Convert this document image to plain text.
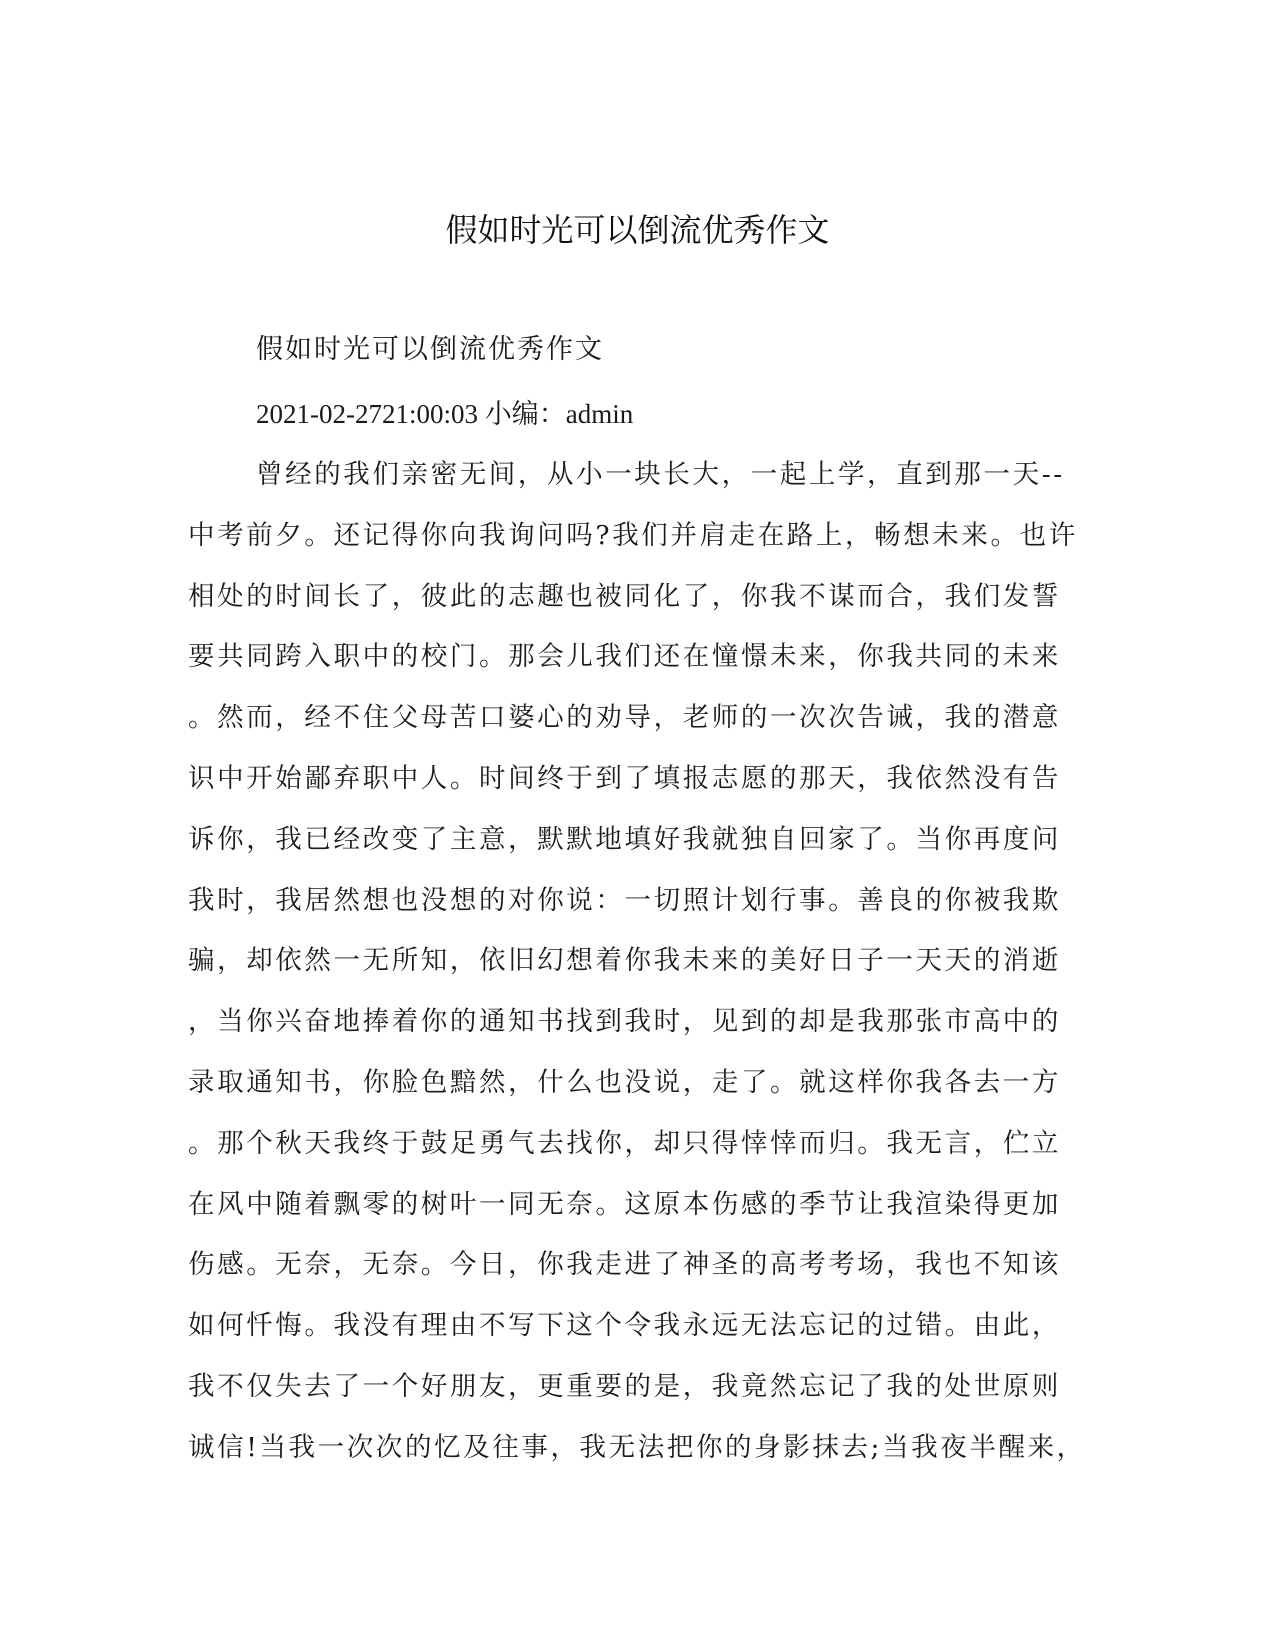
假如时光可以倒流优秀作文
假如时光可以倒流优秀作文
2021-02-2721:00:03 小编：admin
曾经的我们亲密无间，从小一块长大，一起上学，直到那一天--
中考前夕。还记得你向我询问吗?我们并肩走在路上，畅想未来。也许
相处的时间长了，彼此的志趣也被同化了，你我不谋而合，我们发誓
要共同跨入职中的校门。那会儿我们还在憧憬未来，你我共同的未来
。然而，经不住父母苦口婆心的劝导，老师的一次次告诫，我的潜意
识中开始鄙弃职中人。时间终于到了填报志愿的那天，我依然没有告
诉你，我已经改变了主意，默默地填好我就独自回家了。当你再度问
我时，我居然想也没想的对你说：一切照计划行事。善良的你被我欺
骗，却依然一无所知，依旧幻想着你我未来的美好日子一天天的消逝
，当你兴奋地捧着你的通知书找到我时，见到的却是我那张市高中的
录取通知书，你脸色黯然，什么也没说，走了。就这样你我各去一方
。那个秋天我终于鼓足勇气去找你，却只得悻悻而归。我无言，伫立
在风中随着飘零的树叶一同无奈。这原本伤感的季节让我渲染得更加
伤感。无奈，无奈。今日，你我走进了神圣的高考考场，我也不知该
如何忏悔。我没有理由不写下这个令我永远无法忘记的过错。由此，
我不仅失去了一个好朋友，更重要的是，我竟然忘记了我的处世原则
诚信!当我一次次的忆及往事，我无法把你的身影抹去;当我夜半醒来，
